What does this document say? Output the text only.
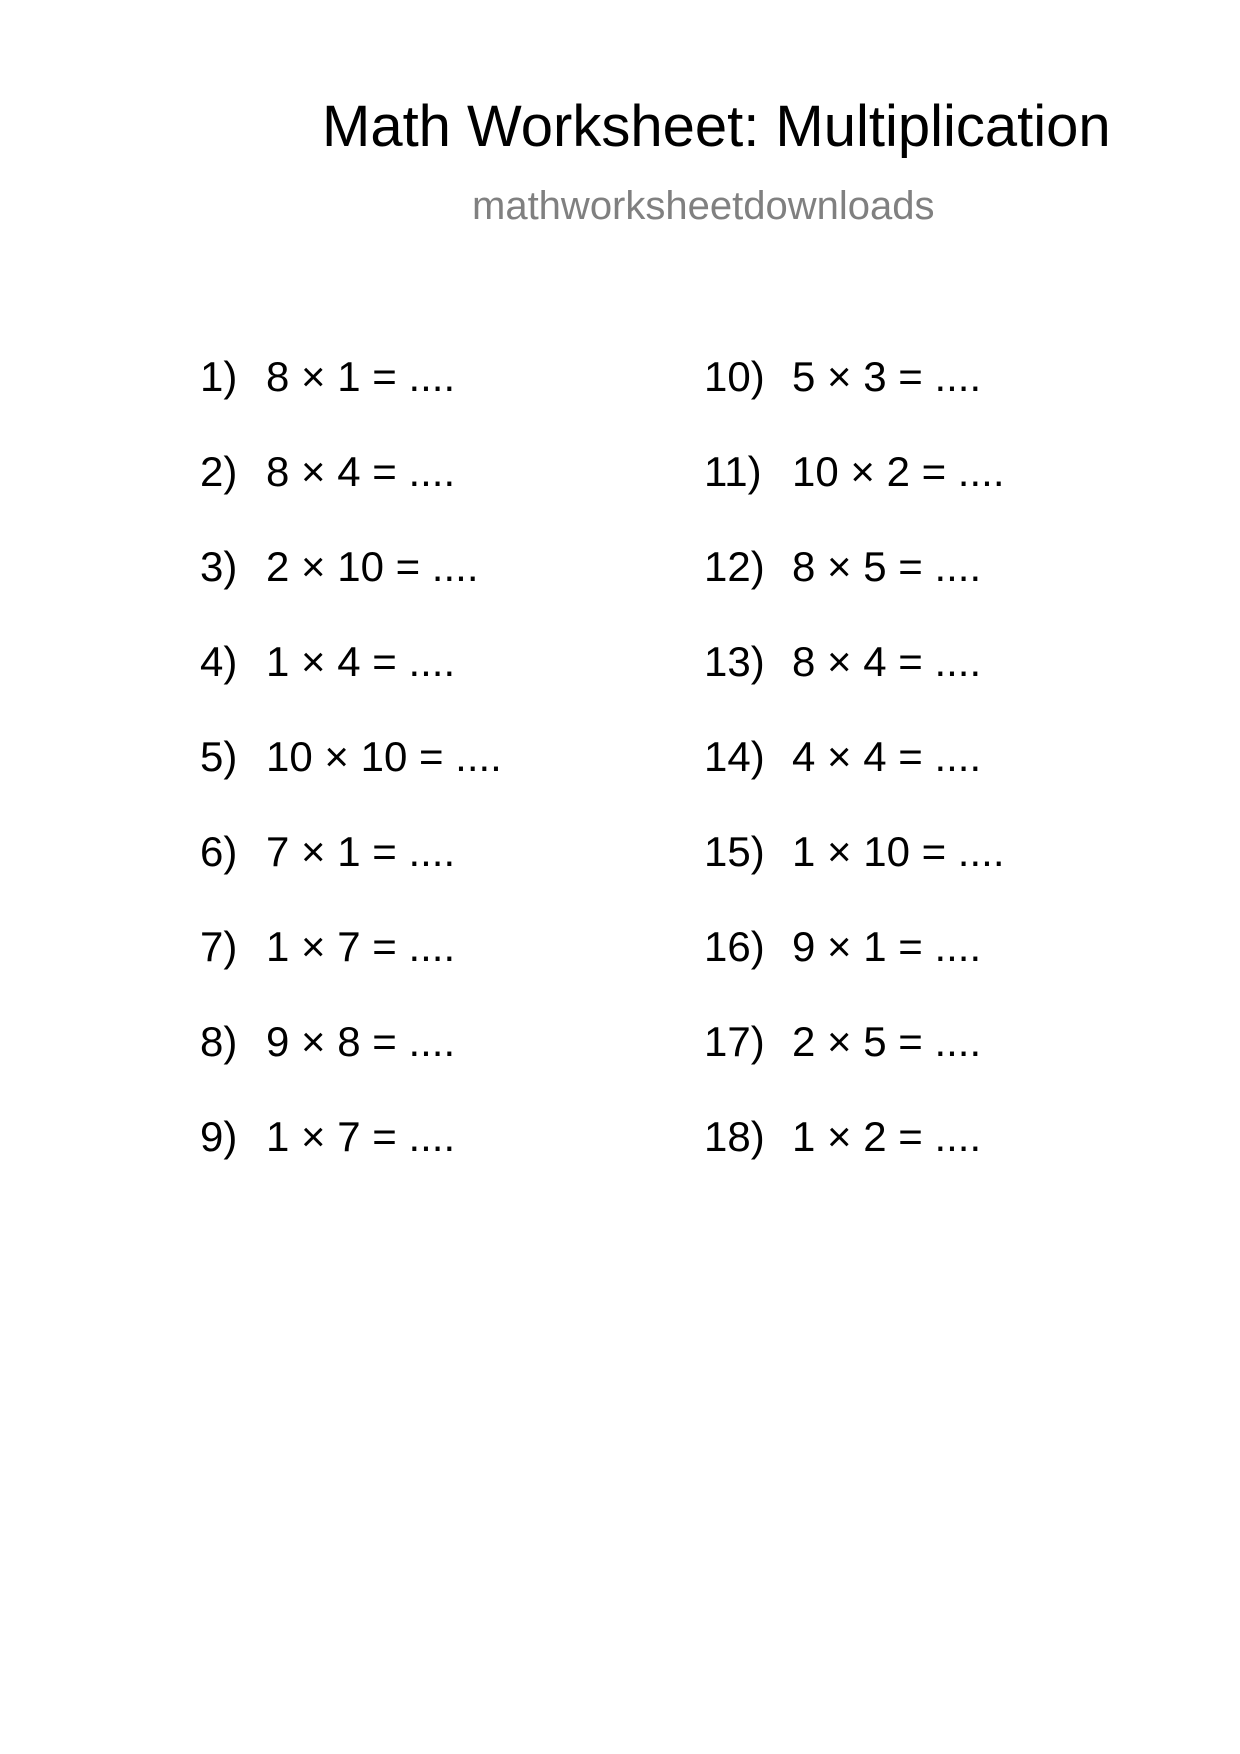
Math Worksheet: Multiplication
mathworksheetdownloads
1) 8 × 1 = ....
2) 8 × 4 = ....
3) 2 × 10 = ....
4) 1 × 4 = ....
5) 10 × 10 = ....
6) 7 × 1 = ....
7) 1 × 7 = ....
8) 9 × 8 = ....
9) 1 × 7 = ....
10) 5 × 3 = ....
11) 10 × 2 = ....
12) 8 × 5 = ....
13) 8 × 4 = ....
14) 4 × 4 = ....
15) 1 × 10 = ....
16) 9 × 1 = ....
17) 2 × 5 = ....
18) 1 × 2 = ....
